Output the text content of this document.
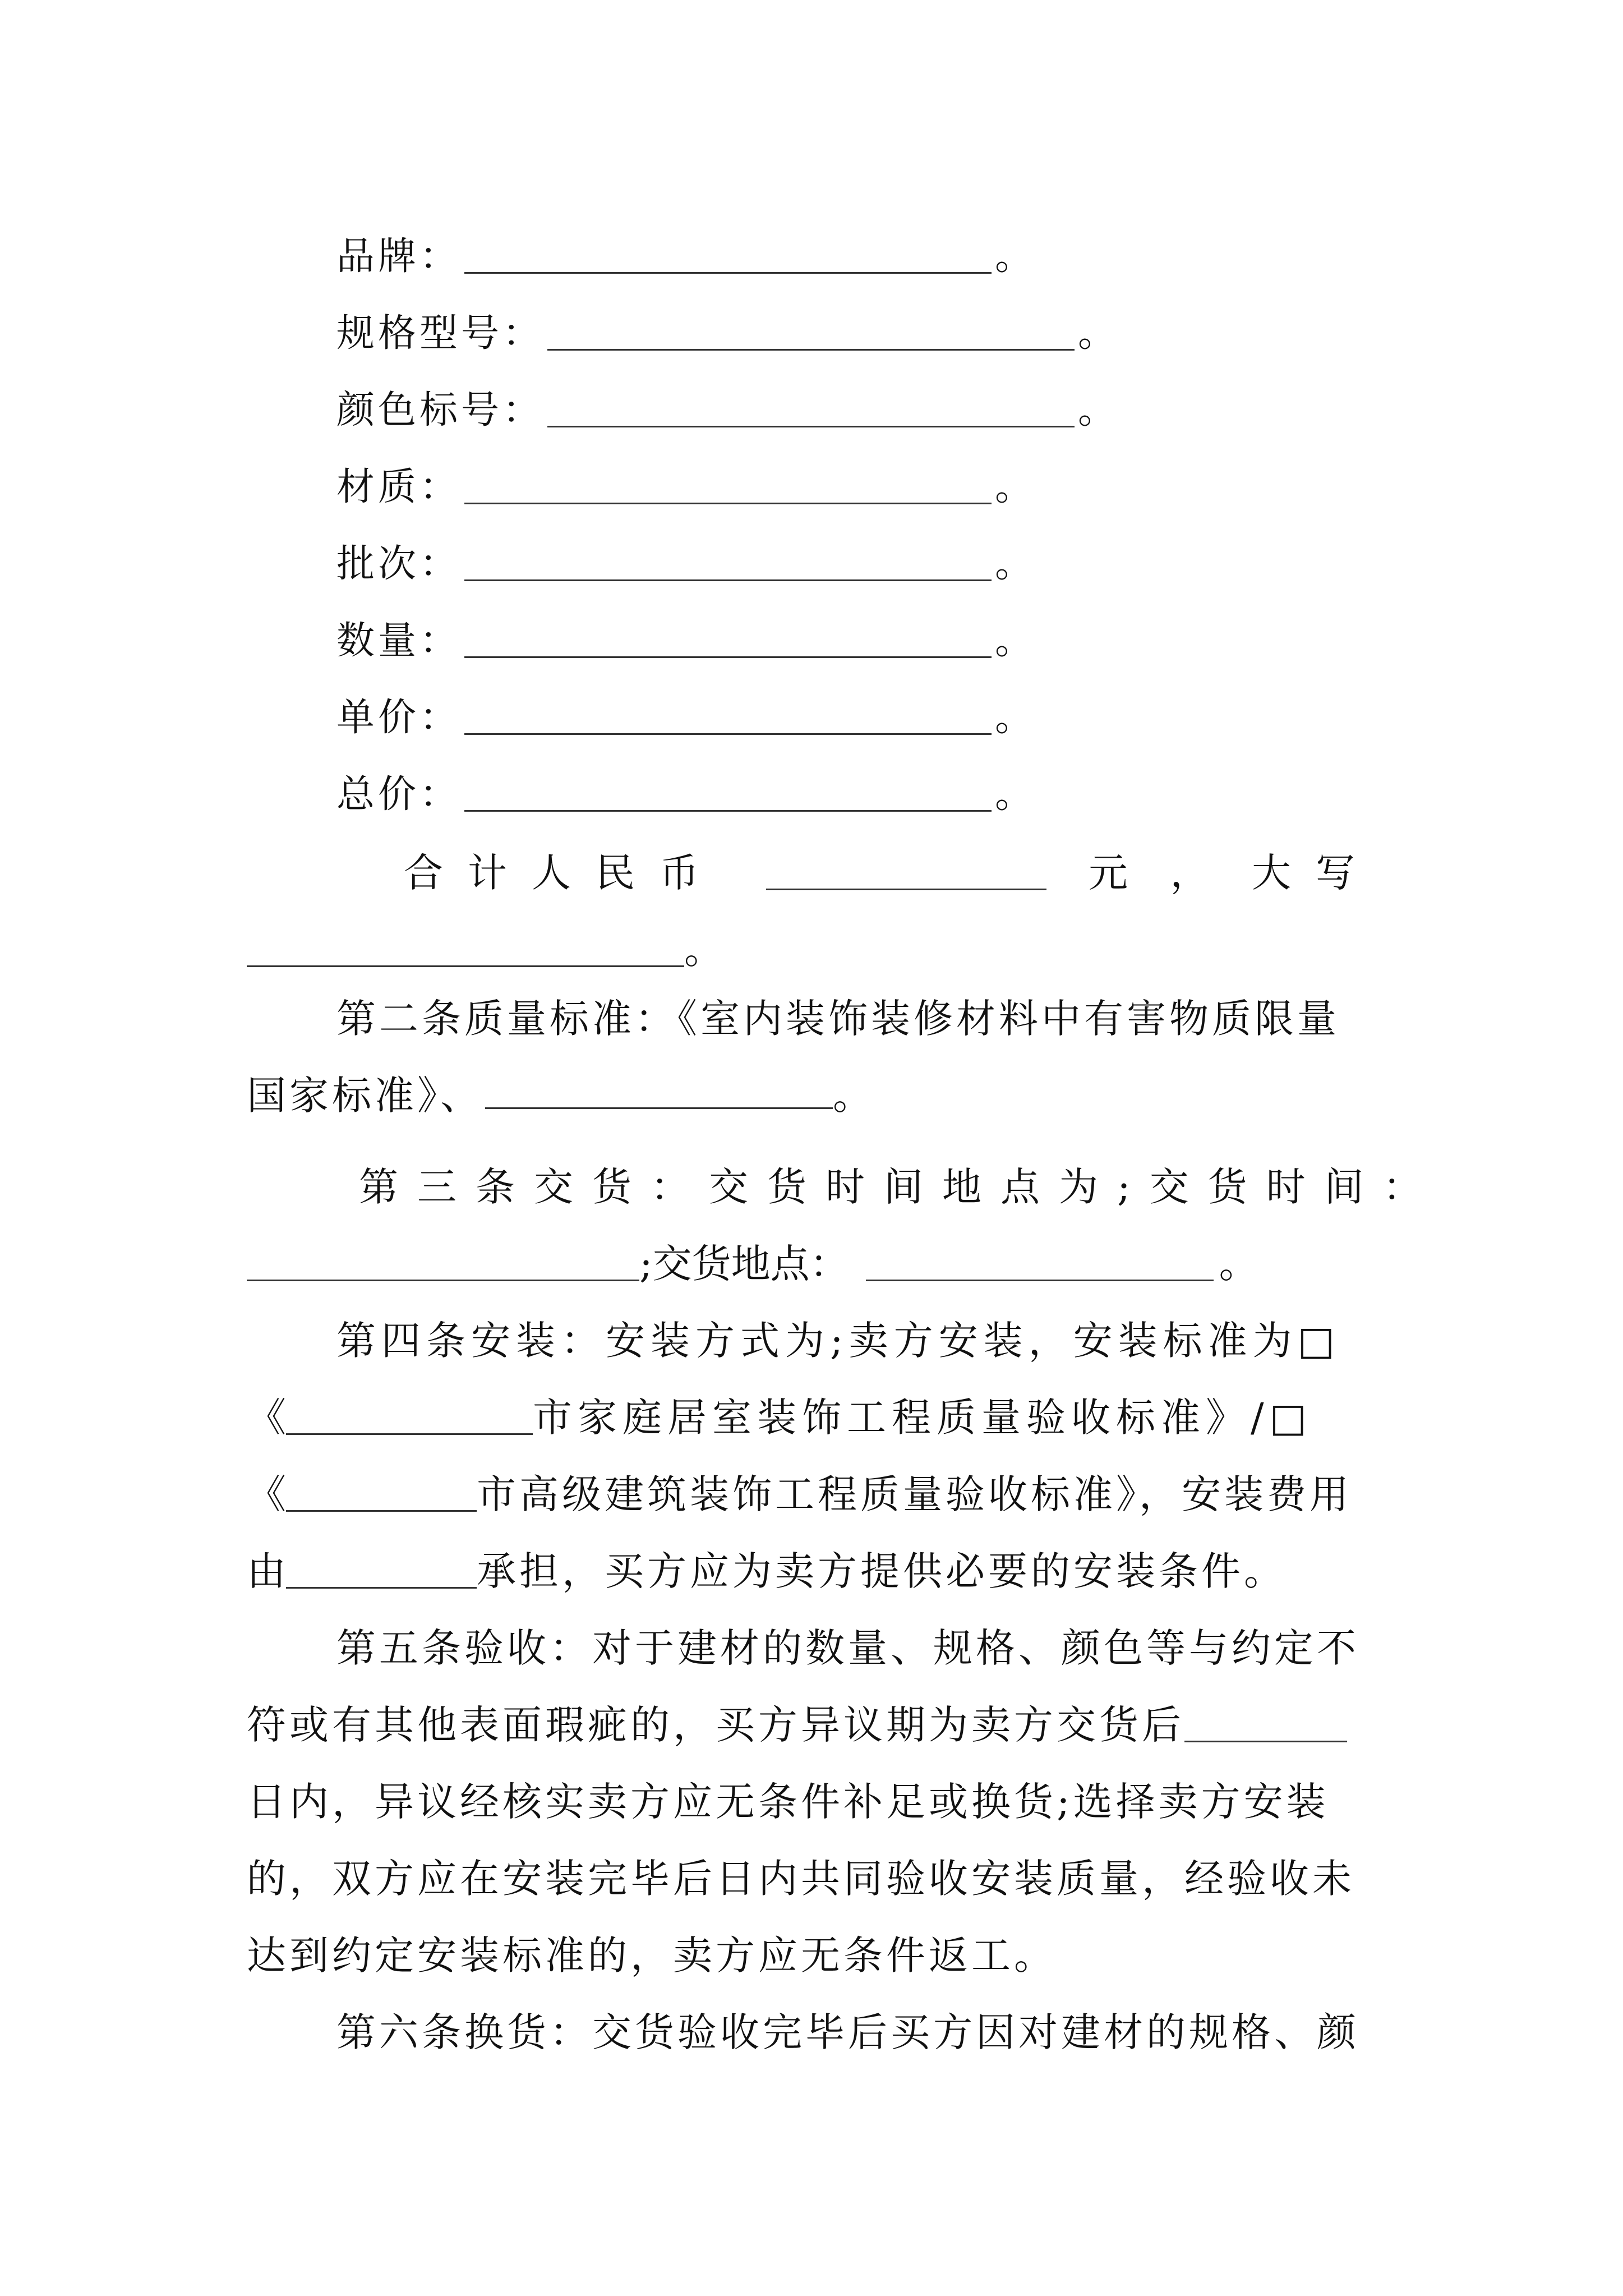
品牌：	。
规格型号：	。
颜色标号：	。
材质：	。
批次：	。
数量：	。
单价：	。
总价：	。
合计人民币	元 ， 大写
。
第二条质量标准：《室内装饰装修材料中有害物质限量国家标准》、	。
第三条交货：交货时间地点为;交货时间：
;交货地点：	。
第四条安装：安装方式为;卖方安装，安装标准为□
《	市家庭居室装饰工程质量验收标准》/□
《	市高级建筑装饰工程质量验收标准》，安装费用
由	承担，买方应为卖方提供必要的安装条件。
第五条验收：对于建材的数量、规格、颜色等与约定不
符或有其他表面瑕疵的，买方异议期为卖方交货后
日内，异议经核实卖方应无条件补足或换货;选择卖方安装
的，双方应在安装完毕后日内共同验收安装质量，经验收未
达到约定安装标准的，卖方应无条件返工。
第六条换货：交货验收完毕后买方因对建材的规格、颜
